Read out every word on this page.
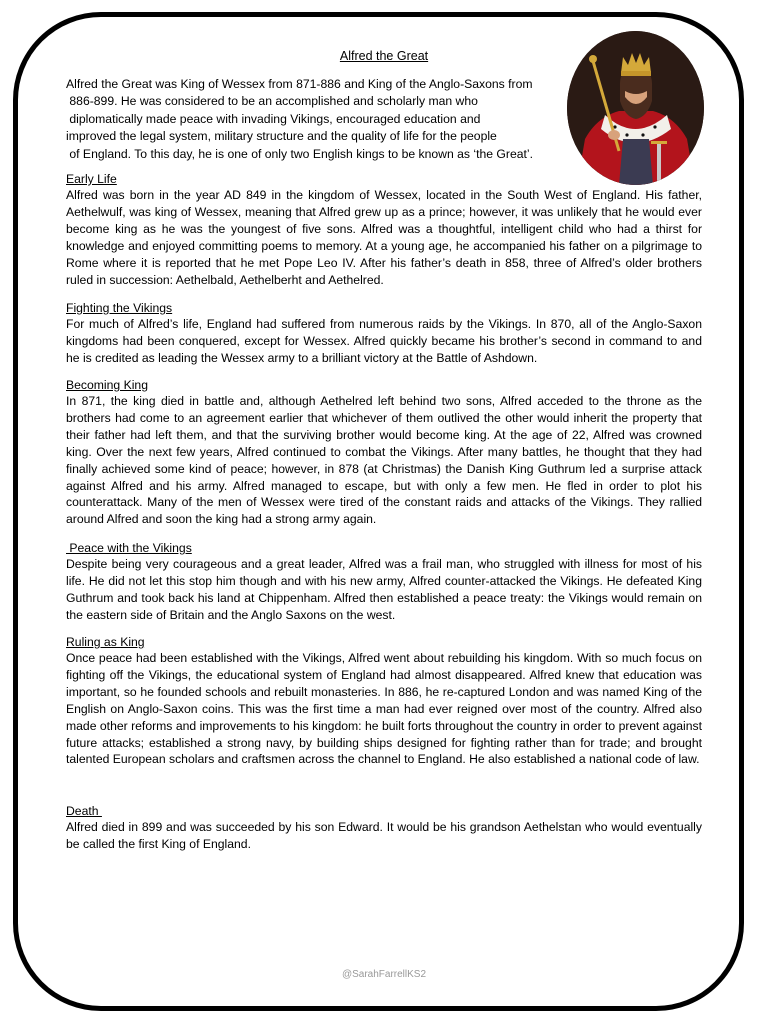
Alfred the Great
Alfred the Great was King of Wessex from 871-886 and King of the Anglo-Saxons from
886-899. He was considered to be an accomplished and scholarly man who
diplomatically made peace with invading Vikings, encouraged education and
improved the legal system, military structure and the quality of life for the people
of England. To this day, he is one of only two English kings to be known as ‘the Great’.
Early Life
Alfred was born in the year AD 849 in the kingdom of Wessex, located in the South West of England. His father, Aethelwulf, was king of Wessex, meaning that Alfred grew up as a prince; however, it was unlikely that he would ever become king as he was the youngest of five sons. Alfred was a thoughtful, intelligent child who had a thirst for knowledge and enjoyed committing poems to memory. At a young age, he accompanied his father on a pilgrimage to Rome where it is reported that he met Pope Leo IV. After his father’s death in 858, three of Alfred’s older brothers ruled in succession: Aethelbald, Aethelberht and Aethelred.
Fighting the Vikings
For much of Alfred’s life, England had suffered from numerous raids by the Vikings. In 870, all of the Anglo-Saxon kingdoms had been conquered, except for Wessex. Alfred quickly became his brother’s second in command to and he is credited as leading the Wessex army to a brilliant victory at the Battle of Ashdown.
Becoming King
In 871, the king died in battle and, although Aethelred left behind two sons, Alfred acceded to the throne as the brothers had come to an agreement earlier that whichever of them outlived the other would inherit the property that their father had left them, and that the surviving brother would become king. At the age of 22, Alfred was crowned king. Over the next few years, Alfred continued to combat the Vikings. After many battles, he thought that they had finally achieved some kind of peace; however, in 878 (at Christmas) the Danish King Guthrum led a surprise attack against Alfred and his army. Alfred managed to escape, but with only a few men. He fled in order to plot his counterattack. Many of the men of Wessex were tired of the constant raids and attacks of the Vikings. They rallied around Alfred and soon the king had a strong army again.
Peace with the Vikings
Despite being very courageous and a great leader, Alfred was a frail man, who struggled with illness for most of his life. He did not let this stop him though and with his new army, Alfred counter-attacked the Vikings. He defeated King Guthrum and took back his land at Chippenham. Alfred then established a peace treaty: the Vikings would remain on the eastern side of Britain and the Anglo Saxons on the west.
Ruling as King
Once peace had been established with the Vikings, Alfred went about rebuilding his kingdom. With so much focus on fighting off the Vikings, the educational system of England had almost disappeared. Alfred knew that education was important, so he founded schools and rebuilt monasteries. In 886, he re-captured London and was named King of the English on Anglo-Saxon coins. This was the first time a man had ever reigned over most of the country. Alfred also made other reforms and improvements to his kingdom: he built forts throughout the country in order to prevent against future attacks; established a strong navy, by building ships designed for fighting rather than for trade; and brought talented European scholars and craftsmen across the channel to England. He also established a national code of law.
Death
Alfred died in 899 and was succeeded by his son Edward. It would be his grandson Aethelstan who would eventually be called the first King of England.
@SarahFarrellKS2
